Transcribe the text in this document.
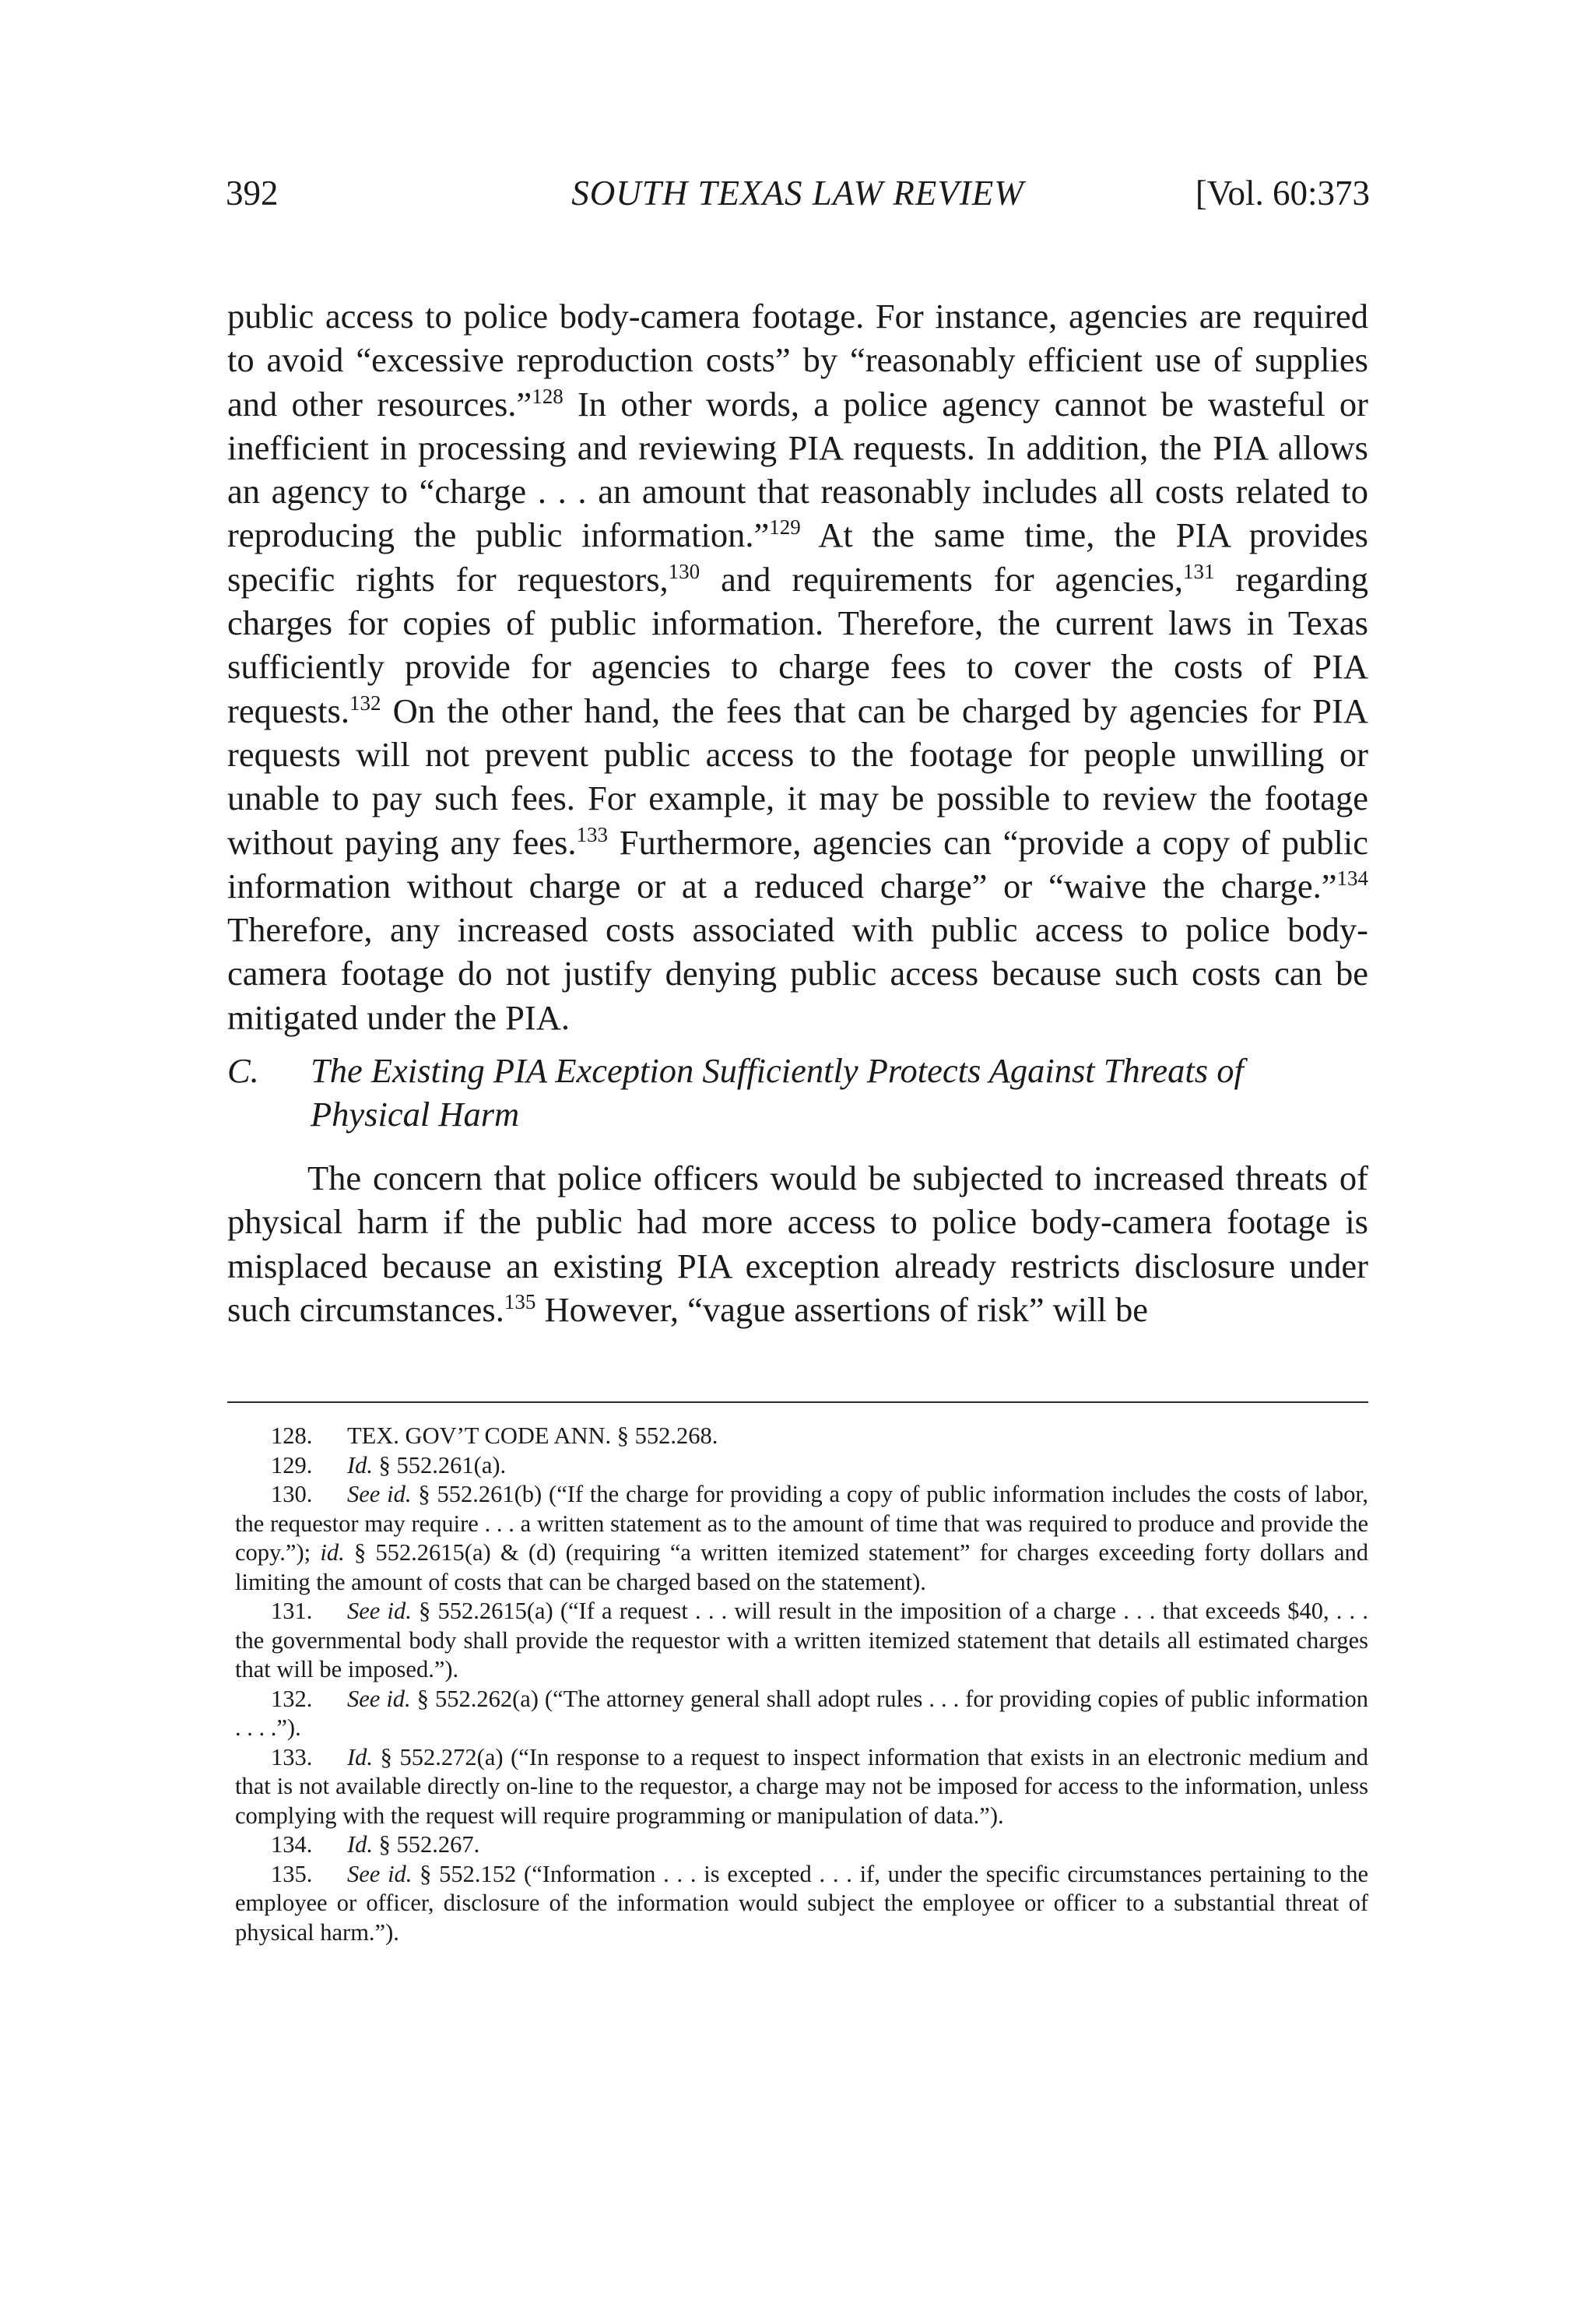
392	SOUTH TEXAS LAW REVIEW	[Vol. 60:373
public access to police body-camera footage. For instance, agencies are required to avoid “excessive reproduction costs” by “reasonably efficient use of supplies and other resources.”$^{128}$ In other words, a police agency cannot be wasteful or inefficient in processing and reviewing PIA requests. In addition, the PIA allows an agency to “charge . . . an amount that reasonably includes all costs related to reproducing the public information.”$^{129}$ At the same time, the PIA provides specific rights for requestors,$^{130}$ and requirements for agencies,$^{131}$ regarding charges for copies of public information. Therefore, the current laws in Texas sufficiently provide for agencies to charge fees to cover the costs of PIA requests.$^{132}$ On the other hand, the fees that can be charged by agencies for PIA requests will not prevent public access to the footage for people unwilling or unable to pay such fees. For example, it may be possible to review the footage without paying any fees.$^{133}$ Furthermore, agencies can “provide a copy of public information without charge or at a reduced charge” or “waive the charge.”$^{134}$ Therefore, any increased costs associated with public access to police body-camera footage do not justify denying public access because such costs can be mitigated under the PIA.
C. The Existing PIA Exception Sufficiently Protects Against Threats of Physical Harm
The concern that police officers would be subjected to increased threats of physical harm if the public had more access to police body-camera footage is misplaced because an existing PIA exception already restricts disclosure under such circumstances.$^{135}$ However, “vague assertions of risk” will be
128. TEX. GOV’T CODE ANN. § 552.268.
129. Id. § 552.261(a).
130. See id. § 552.261(b) (“If the charge for providing a copy of public information includes the costs of labor, the requestor may require . . . a written statement as to the amount of time that was required to produce and provide the copy.”); id. § 552.2615(a) & (d) (requiring “a written itemized statement” for charges exceeding forty dollars and limiting the amount of costs that can be charged based on the statement).
131. See id. § 552.2615(a) (“If a request . . . will result in the imposition of a charge . . . that exceeds $40, . . . the governmental body shall provide the requestor with a written itemized statement that details all estimated charges that will be imposed.”).
132. See id. § 552.262(a) (“The attorney general shall adopt rules . . . for providing copies of public information . . . .”).
133. Id. § 552.272(a) (“In response to a request to inspect information that exists in an electronic medium and that is not available directly on-line to the requestor, a charge may not be imposed for access to the information, unless complying with the request will require programming or manipulation of data.”).
134. Id. § 552.267.
135. See id. § 552.152 (“Information . . . is excepted . . . if, under the specific circumstances pertaining to the employee or officer, disclosure of the information would subject the employee or officer to a substantial threat of physical harm.”).
